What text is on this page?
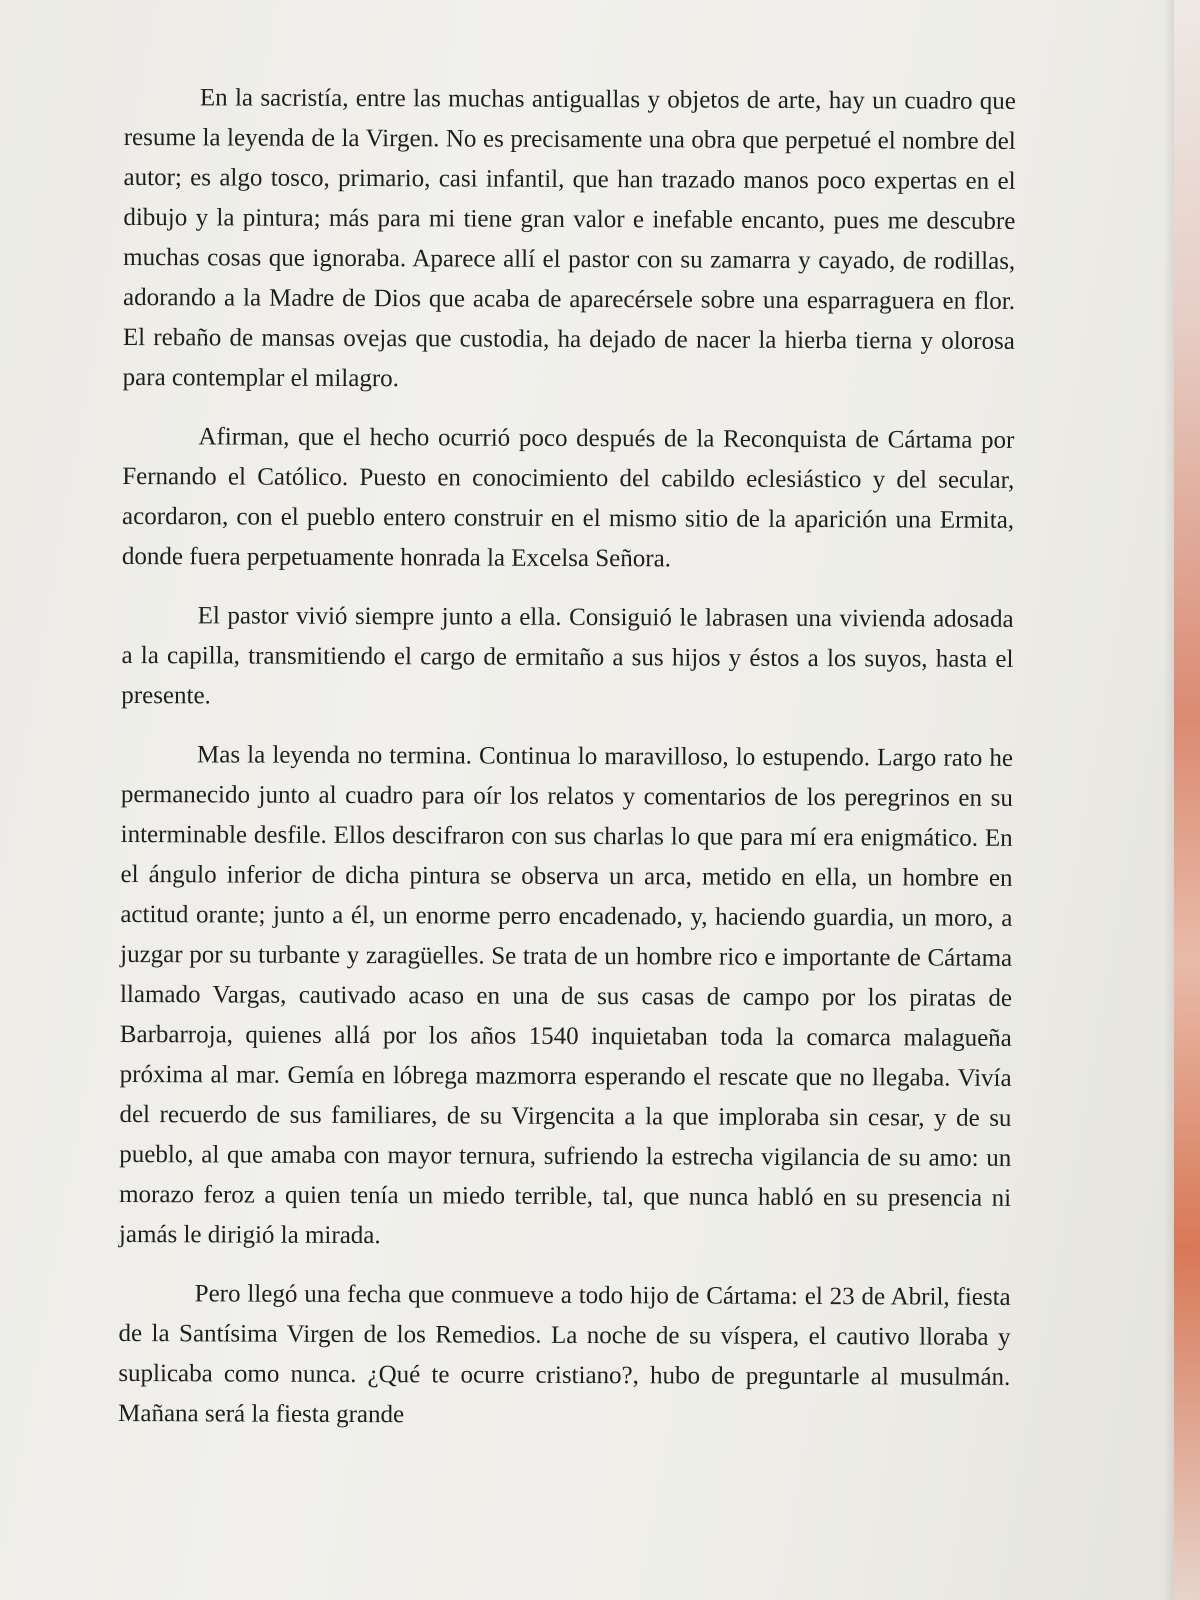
En la sacristía, entre las muchas antiguallas y objetos de arte, hay un cuadro que resume la leyenda de la Virgen. No es precisamente una obra que perpetué el nombre del autor; es algo tosco, primario, casi infantil, que han trazado manos poco expertas en el dibujo y la pintura; más para mi tiene gran valor e inefable encanto, pues me descubre muchas cosas que ignoraba. Aparece allí el pastor con su zamarra y cayado, de rodillas, adorando a la Madre de Dios que acaba de aparecérsele sobre una esparraguera en flor. El rebaño de mansas ovejas que custodia, ha dejado de nacer la hierba tierna y olorosa para contemplar el milagro.

Afirman, que el hecho ocurrió poco después de la Reconquista de Cártama por Fernando el Católico. Puesto en conocimiento del cabildo eclesiástico y del secular, acordaron, con el pueblo entero construir en el mismo sitio de la aparición una Ermita, donde fuera perpetuamente honrada la Excelsa Señora.

El pastor vivió siempre junto a ella. Consiguió le labrasen una vivienda adosada a la capilla, transmitiendo el cargo de ermitaño a sus hijos y éstos a los suyos, hasta el presente.

Mas la leyenda no termina. Continua lo maravilloso, lo estupendo. Largo rato he permanecido junto al cuadro para oír los relatos y comentarios de los peregrinos en su interminable desfile. Ellos descifraron con sus charlas lo que para mí era enigmático. En el ángulo inferior de dicha pintura se observa un arca, metido en ella, un hombre en actitud orante; junto a él, un enorme perro encadenado, y, haciendo guardia, un moro, a juzgar por su turbante y zaragüelles. Se trata de un hombre rico e importante de Cártama llamado Vargas, cautivado acaso en una de sus casas de campo por los piratas de Barbarroja, quienes allá por los años 1540 inquietaban toda la comarca malagueña próxima al mar. Gemía en lóbrega mazmorra esperando el rescate que no llegaba. Vivía del recuerdo de sus familiares, de su Virgencita a la que imploraba sin cesar, y de su pueblo, al que amaba con mayor ternura, sufriendo la estrecha vigilancia de su amo: un morazo feroz a quien tenía un miedo terrible, tal, que nunca habló en su presencia ni jamás le dirigió la mirada.

Pero llegó una fecha que conmueve a todo hijo de Cártama: el 23 de Abril, fiesta de la Santísima Virgen de los Remedios. La noche de su víspera, el cautivo lloraba y suplicaba como nunca. ¿Qué te ocurre cristiano?, hubo de preguntarle al musulmán. Mañana será la fiesta grande
